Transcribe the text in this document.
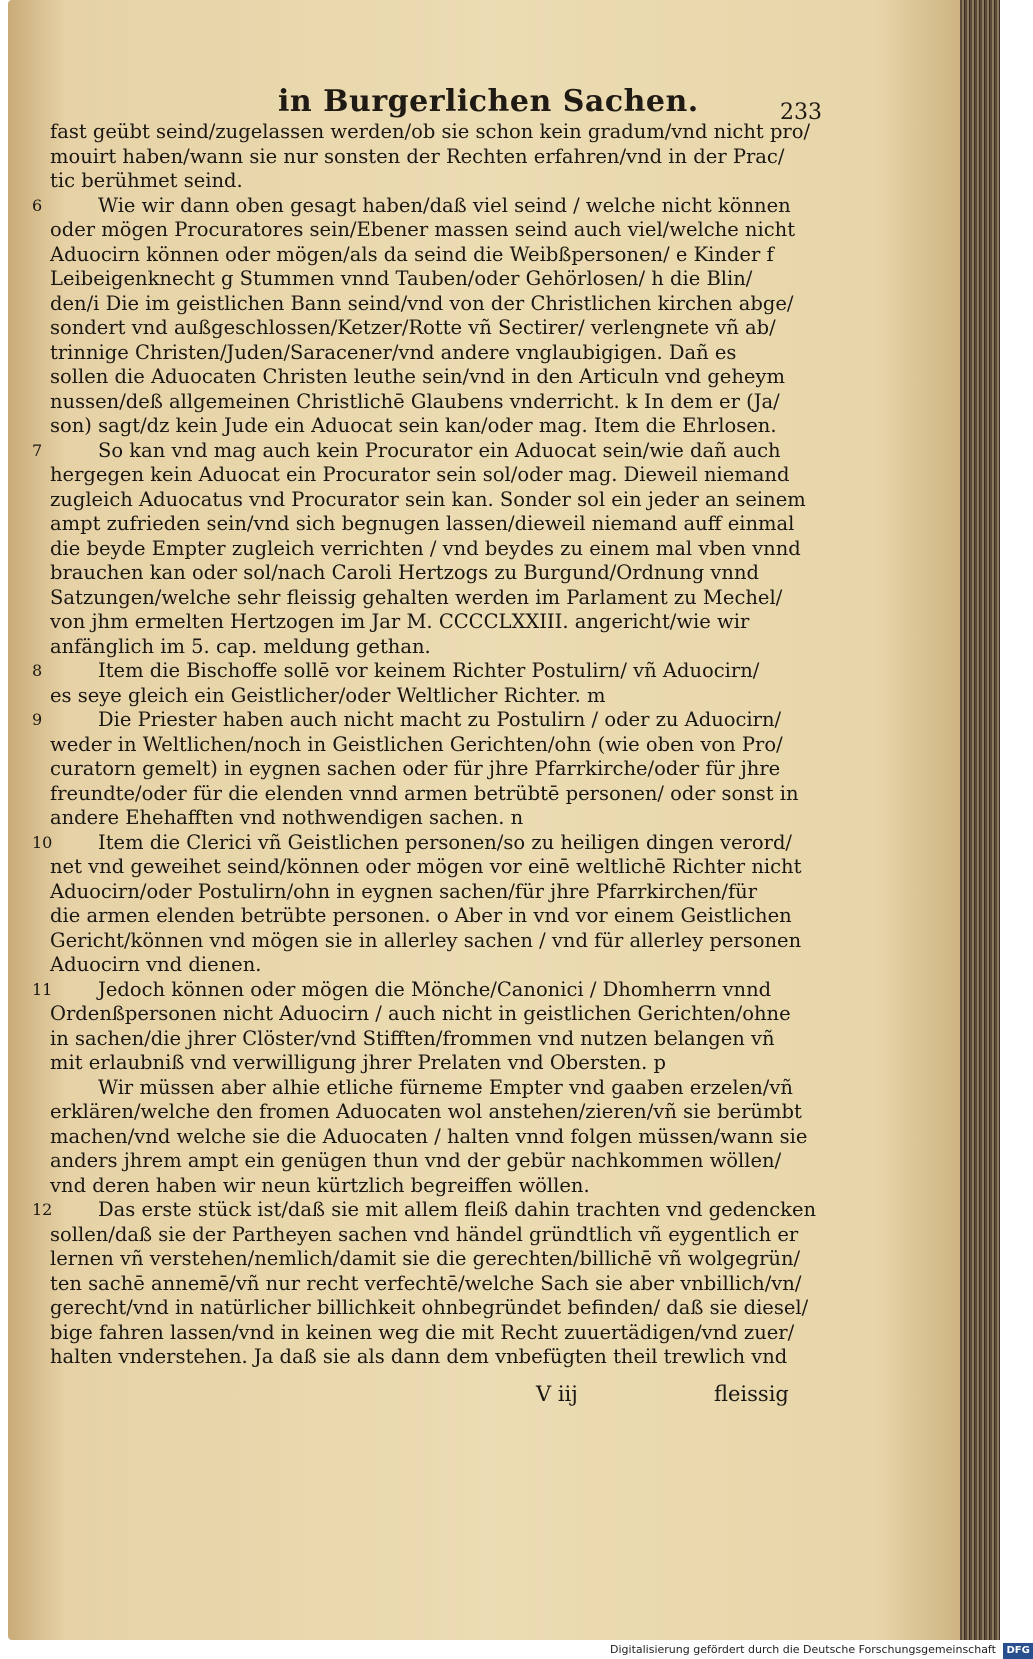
in Burgerlichen Sachen.	233
fast geübt seind/zugelassen werden/ob sie schon kein gradum/vnd nicht pro/
mouirt haben/wann sie nur sonsten der Rechten erfahren/vnd in der Prac/
tic berühmet seind.
6	Wie wir dann oben gesagt haben/daß viel seind / welche nicht können
oder mögen Procuratores sein/Ebener massen seind auch viel/welche nicht
Aduocirn können oder mögen/als da seind die Weibßpersonen/ e Kinder f
Leibeigenknecht g Stummen vnnd Tauben/oder Gehörlosen/ h die Blin/
den/i Die im geistlichen Bann seind/vnd von der Christlichen kirchen abge/
sondert vnd außgeschlossen/Ketzer/Rotte vñ Sectirer/ verlengnete vñ ab/
trinnige Christen/Juden/Saracener/vnd andere vnglaubigigen. Dañ es
sollen die Aduocaten Christen leuthe sein/vnd in den Articuln vnd geheym
nussen/deß allgemeinen Christlichē Glaubens vnderricht. k In dem er (Ja/
son) sagt/dz kein Jude ein Aduocat sein kan/oder mag. Item die Ehrlosen.
7	So kan vnd mag auch kein Procurator ein Aduocat sein/wie dañ auch
hergegen kein Aduocat ein Procurator sein sol/oder mag. Dieweil niemand
zugleich Aduocatus vnd Procurator sein kan. Sonder sol ein jeder an seinem
ampt zufrieden sein/vnd sich begnugen lassen/dieweil niemand auff einmal
die beyde Empter zugleich verrichten / vnd beydes zu einem mal vben vnnd
brauchen kan oder sol/nach Caroli Hertzogs zu Burgund/Ordnung vnnd
Satzungen/welche sehr fleissig gehalten werden im Parlament zu Mechel/
von jhm ermelten Hertzogen im Jar M. CCCCLXXIII. angericht/wie wir
anfänglich im 5. cap. meldung gethan.
8	Item die Bischoffe sollē vor keinem Richter Postulirn/ vñ Aduocirn/
es seye gleich ein Geistlicher/oder Weltlicher Richter. m
9	Die Priester haben auch nicht macht zu Postulirn / oder zu Aduocirn/
weder in Weltlichen/noch in Geistlichen Gerichten/ohn (wie oben von Pro/
curatorn gemelt) in eygnen sachen oder für jhre Pfarrkirche/oder für jhre
freundte/oder für die elenden vnnd armen betrübtē personen/ oder sonst in
andere Ehehafften vnd nothwendigen sachen. n
10 Item die Clerici vñ Geistlichen personen/so zu heiligen dingen verord/
net vnd geweihet seind/können oder mögen vor einē weltlichē Richter nicht
Aduocirn/oder Postulirn/ohn in eygnen sachen/für jhre Pfarrkirchen/für
die armen elenden betrübte personen. o Aber in vnd vor einem Geistlichen
Gericht/können vnd mögen sie in allerley sachen / vnd für allerley personen
Aduocirn vnd dienen.
11 Jedoch können oder mögen die Mönche/Canonici / Dhomherrn vnnd
Ordenßpersonen nicht Aduocirn / auch nicht in geistlichen Gerichten/ohne
in sachen/die jhrer Clöster/vnd Stifften/frommen vnd nutzen belangen vñ
mit erlaubniß vnd verwilligung jhrer Prelaten vnd Obersten. p
Wir müssen aber alhie etliche fürneme Empter vnd gaaben erzelen/vñ
erklären/welche den fromen Aduocaten wol anstehen/zieren/vñ sie berümbt
machen/vnd welche sie die Aduocaten / halten vnnd folgen müssen/wann sie
anders jhrem ampt ein genügen thun vnd der gebür nachkommen wöllen/
vnd deren haben wir neun kürtzlich begreiffen wöllen.
12 Das erste stück ist/daß sie mit allem fleiß dahin trachten vnd gedencken
sollen/daß sie der Partheyen sachen vnd händel gründtlich vñ eygentlich er
lernen vñ verstehen/nemlich/damit sie die gerechten/billichē vñ wolgegrün/
ten sachē annemē/vñ nur recht verfechtē/welche Sach sie aber vnbillich/vn/
gerecht/vnd in natürlicher billichkeit ohnbegründet befinden/ daß sie diesel/
bige fahren lassen/vnd in keinen weg die mit Recht zuuertädigen/vnd zuer/
halten vnderstehen. Ja daß sie als dann dem vnbefügten theil trewlich vnd
V iij	fleissig
Digitalisierung gefördert durch die Deutsche Forschungsgemeinschaft DFG
